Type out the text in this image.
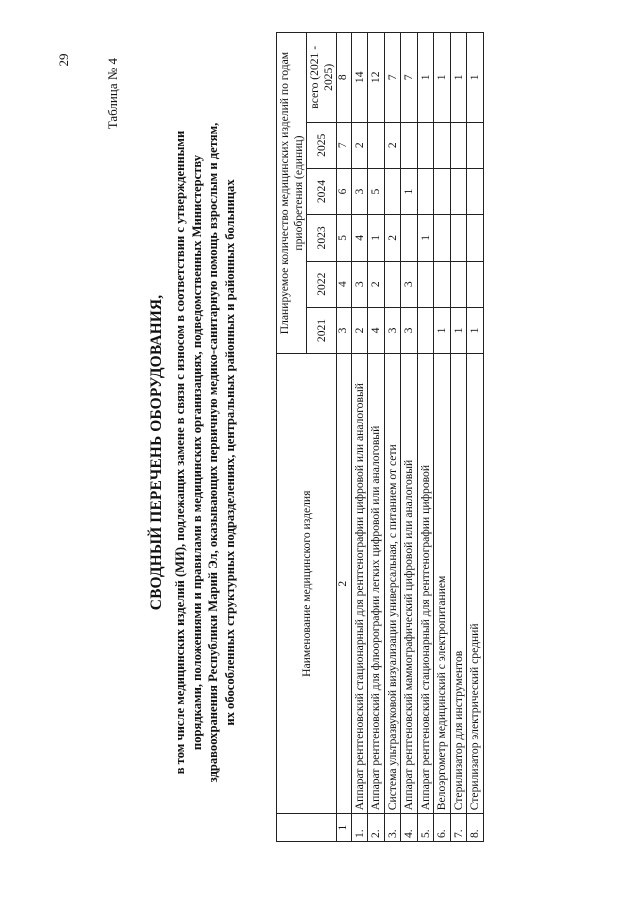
29	Таблица № 4
СВОДНЫЙ ПЕРЕЧЕНЬ ОБОРУДОВАНИЯ, в том числе медицинских изделий (МИ), подлежащих замене в связи с износом в соответствии с утвержденными порядками, положениями и правилами в медицинских организациях, подведомственных Министерству здравоохранения Республики Марий Эл, оказывающих первичную медико-санитарную помощь взрослым и детям, их обособленных структурных подразделениях, центральных районных и районных больницах
		Наименование медицинского изделия	Планируемое количество медицинских изделий по годам приобретения (единиц)					
		2021	2022	2023	2024	2025	всего (2021 - 2025)
1	2	3	4	5	6	7	8
1.	Аппарат рентгеновский стационарный для рентгенографии цифровой или аналоговый	2	3	4	3	2	14
2.	Аппарат рентгеновский для флюорографии легких цифровой или аналоговый	4	2	1	5		12
3.	Система ультразвуковой визуализации универсальная, с питанием от сети	3		2		2	7
4.	Аппарат рентгеновский маммографический цифровой или аналоговый	3	3		1		7
5.	Аппарат рентгеновский стационарный для рентгенографии цифровой			1			1
6.	Велоэргометр медицинский с электропитанием	1					1
7.	Стерилизатор для инструментов	1					1
8.	Стерилизатор электрический средний	1					1
